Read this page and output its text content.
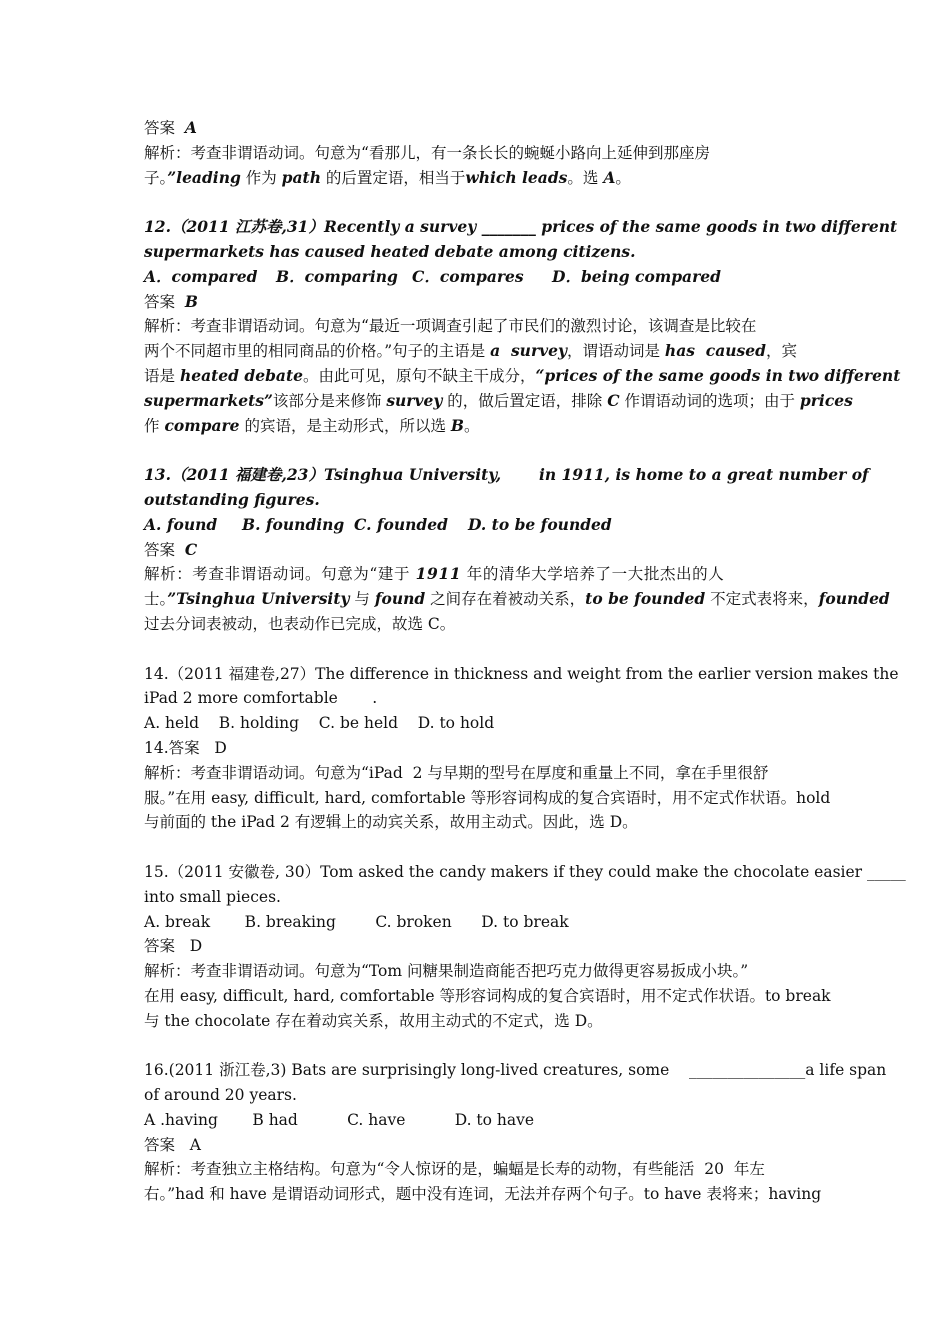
答案  A
解析：考查非谓语动词。句意为“看那儿，有一条长长的蜿蜒小路向上延伸到那座房
子。”leading 作为 path 的后置定语，相当于which leads。选 A。
12.（2011 江苏卷,31）Recently a survey _______ prices of the same goods in two different
supermarkets has caused heated debate among citizens.
A．compared B．comparing C．compares D．being compared
答案  B
解析：考查非谓语动词。句意为“最近一项调查引起了市民们的激烈讨论，该调查是比较在
两个不同超市里的相同商品的价格。”句子的主语是 a  survey，谓语动词是 has  caused，宾
语是 heated debate。由此可见，原句不缺主干成分，“prices of the same goods in two different
supermarkets”该部分是来修饰 survey 的，做后置定语，排除 C 作谓语动词的选项；由于 prices
作 compare 的宾语，是主动形式，所以选 B。
13.（2011 福建卷,23）Tsinghua University,       in 1911, is home to a great number of
outstanding figures.
A. found B. founding C. founded D. to be founded
答案  C
解析：考查非谓语动词。句意为“建于 1911 年的清华大学培养了一大批杰出的人
士。”Tsinghua University 与 found 之间存在着被动关系，to be founded 不定式表将来，founded
过去分词表被动，也表动作已完成，故选 C。
14.（2011 福建卷,27）The difference in thickness and weight from the earlier version makes the
iPad 2 more comfortable       .
A. held    B. holding    C. be held    D. to hold
14.答案   D
解析：考查非谓语动词。句意为“iPad  2 与早期的型号在厚度和重量上不同，拿在手里很舒
服。”在用 easy, difficult, hard, comfortable 等形容词构成的复合宾语时，用不定式作状语。hold
与前面的 the iPad 2 有逻辑上的动宾关系，故用主动式。因此，选 D。
15.（2011 安徽卷, 30）Tom asked the candy makers if they could make the chocolate easier _____
into small pieces.
A. break       B. breaking        C. broken      D. to break
答案   D
解析：考查非谓语动词。句意为“Tom 问糖果制造商能否把巧克力做得更容易扳成小块。”
在用 easy, difficult, hard, comfortable 等形容词构成的复合宾语时，用不定式作状语。to break
与 the chocolate 存在着动宾关系，故用主动式的不定式，选 D。
16.(2011 浙江卷,3) Bats are surprisingly long-lived creatures, some    _______________a life span
of around 20 years.
A .having       B had          C. have          D. to have
答案   A
解析：考查独立主格结构。句意为“令人惊讶的是，蝙蝠是长寿的动物，有些能活  20  年左
右。”had 和 have 是谓语动词形式，题中没有连词，无法并存两个句子。to have 表将来；having
